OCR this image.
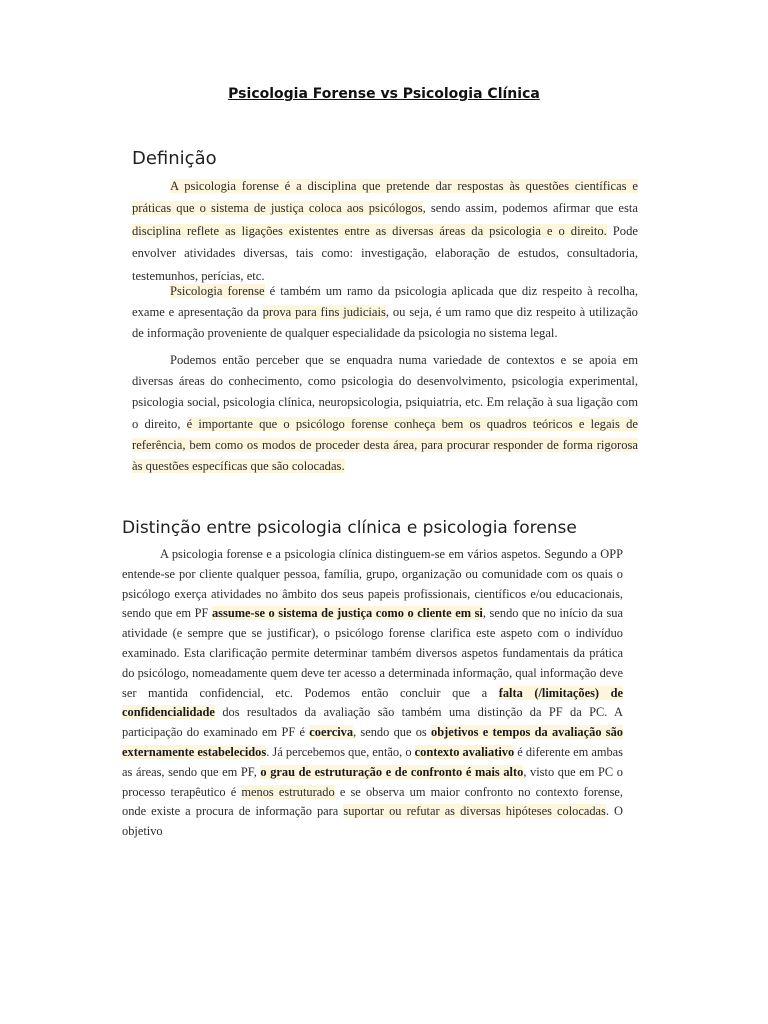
Psicologia Forense vs Psicologia Clínica
Definição

A psicologia forense é a disciplina que pretende dar respostas às questões científicas e práticas que o sistema de justiça coloca aos psicólogos, sendo assim, podemos afirmar que esta disciplina reflete as ligações existentes entre as diversas áreas da psicologia e o direito. Pode envolver atividades diversas, tais como: investigação, elaboração de estudos, consultadoria, testemunhos, perícias, etc.

Psicologia forense é também um ramo da psicologia aplicada que diz respeito à recolha, exame e apresentação da prova para fins judiciais, ou seja, é um ramo que diz respeito à utilização de informação proveniente de qualquer especialidade da psicologia no sistema legal.

Podemos então perceber que se enquadra numa variedade de contextos e se apoia em diversas áreas do conhecimento, como psicologia do desenvolvimento, psicologia experimental, psicologia social, psicologia clínica, neuropsicologia, psiquiatria, etc. Em relação à sua ligação com o direito, é importante que o psicólogo forense conheça bem os quadros teóricos e legais de referência, bem como os modos de proceder desta área, para procurar responder de forma rigorosa às questões específicas que são colocadas.

Distinção entre psicologia clínica e psicologia forense

A psicologia forense e a psicologia clínica distinguem-se em vários aspetos. Segundo a OPP entende-se por cliente qualquer pessoa, família, grupo, organização ou comunidade com os quais o psicólogo exerça atividades no âmbito dos seus papeis profissionais, científicos e/ou educacionais, sendo que em PF assume-se o sistema de justiça como o cliente em si, sendo que no início da sua atividade (e sempre que se justificar), o psicólogo forense clarifica este aspeto com o indivíduo examinado. Esta clarificação permite determinar também diversos aspetos fundamentais da prática do psicólogo, nomeadamente quem deve ter acesso a determinada informação, qual informação deve ser mantida confidencial, etc. Podemos então concluir que a falta (/limitações) de confidencialidade dos resultados da avaliação são também uma distinção da PF da PC. A participação do examinado em PF é coerciva, sendo que os objetivos e tempos da avaliação são externamente estabelecidos. Já percebemos que, então, o contexto avaliativo é diferente em ambas as áreas, sendo que em PF, o grau de estruturação e de confronto é mais alto, visto que em PC o processo terapêutico é menos estruturado e se observa um maior confronto no contexto forense, onde existe a procura de informação para suportar ou refutar as diversas hipóteses colocadas. O objetivo
